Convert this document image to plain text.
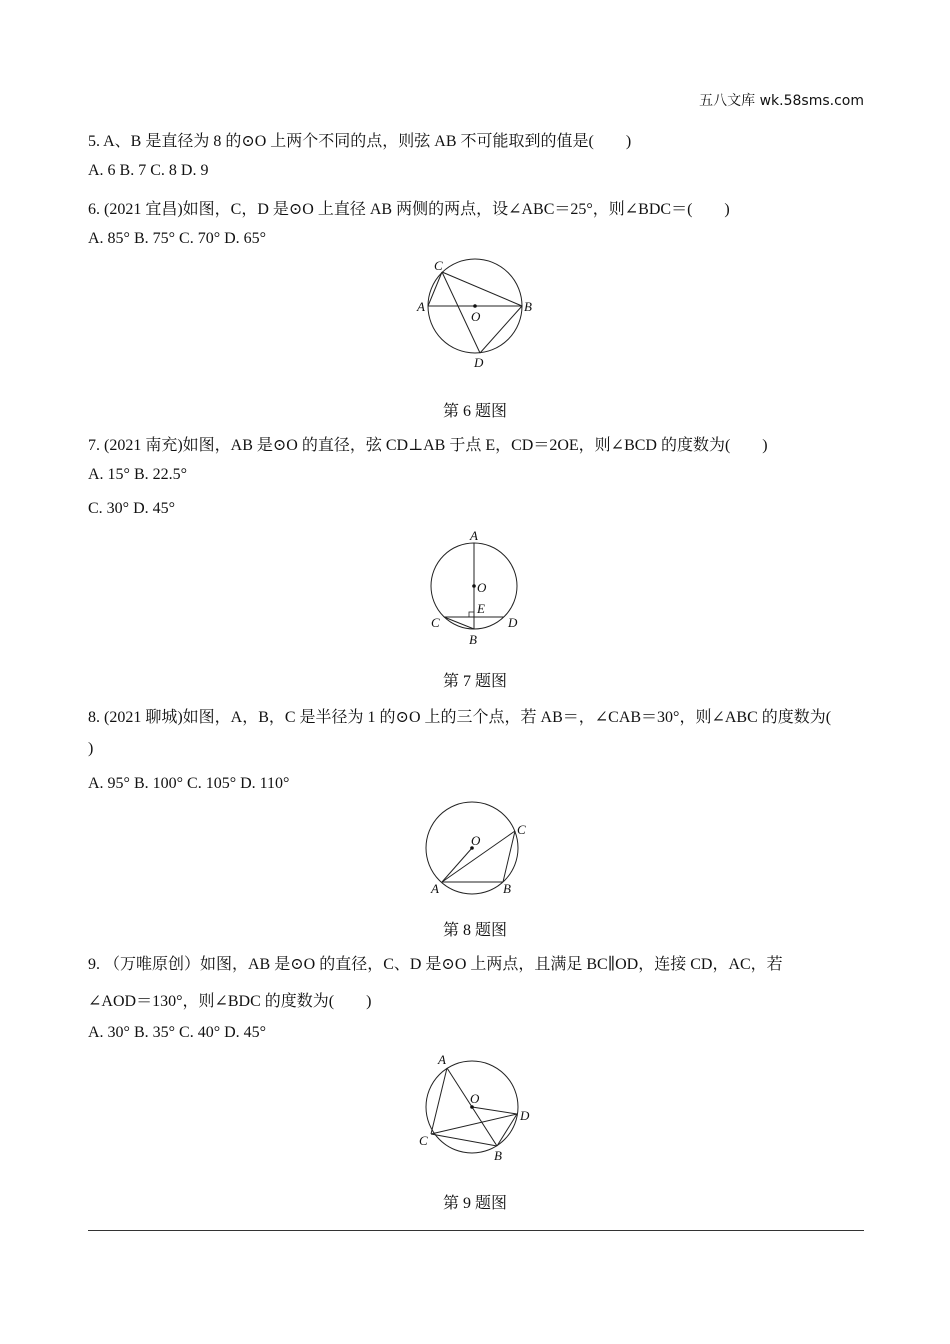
五八文库 wk.58sms.com
5. A、B 是直径为 8 的⊙O 上两个不同的点，则弦 AB 不可能取到的值是(　　)
A. 6 B. 7 C. 8 D. 9
6. (2021 宜昌)如图，C，D 是⊙O 上直径 AB 两侧的两点，设∠ABC＝25°，则∠BDC＝(　　)
A. 85° B. 75° C. 70° D. 65°
C
A	B
O
D
第 6 题图
7. (2021 南充)如图，AB 是⊙O 的直径，弦 CD⊥AB 于点 E，CD＝2OE，则∠BCD 的度数为(　　)
A. 15° B. 22.5°
C. 30° D. 45°
A
O
E
C	D
B
第 7 题图
8. (2021 聊城)如图，A，B，C 是半径为 1 的⊙O 上的三个点，若 AB＝，∠CAB＝30°，则∠ABC 的度数为(
)
A. 95° B. 100° C. 105° D. 110°
O
C
A	B
第 8 题图
9. （万唯原创）如图，AB 是⊙O 的直径，C、D 是⊙O 上两点，且满足 BC∥OD，连接 CD，AC，若
∠AOD＝130°，则∠BDC 的度数为(　　)
A. 30° B. 35° C. 40° D. 45°
A
O
D
C
B
第 9 题图
